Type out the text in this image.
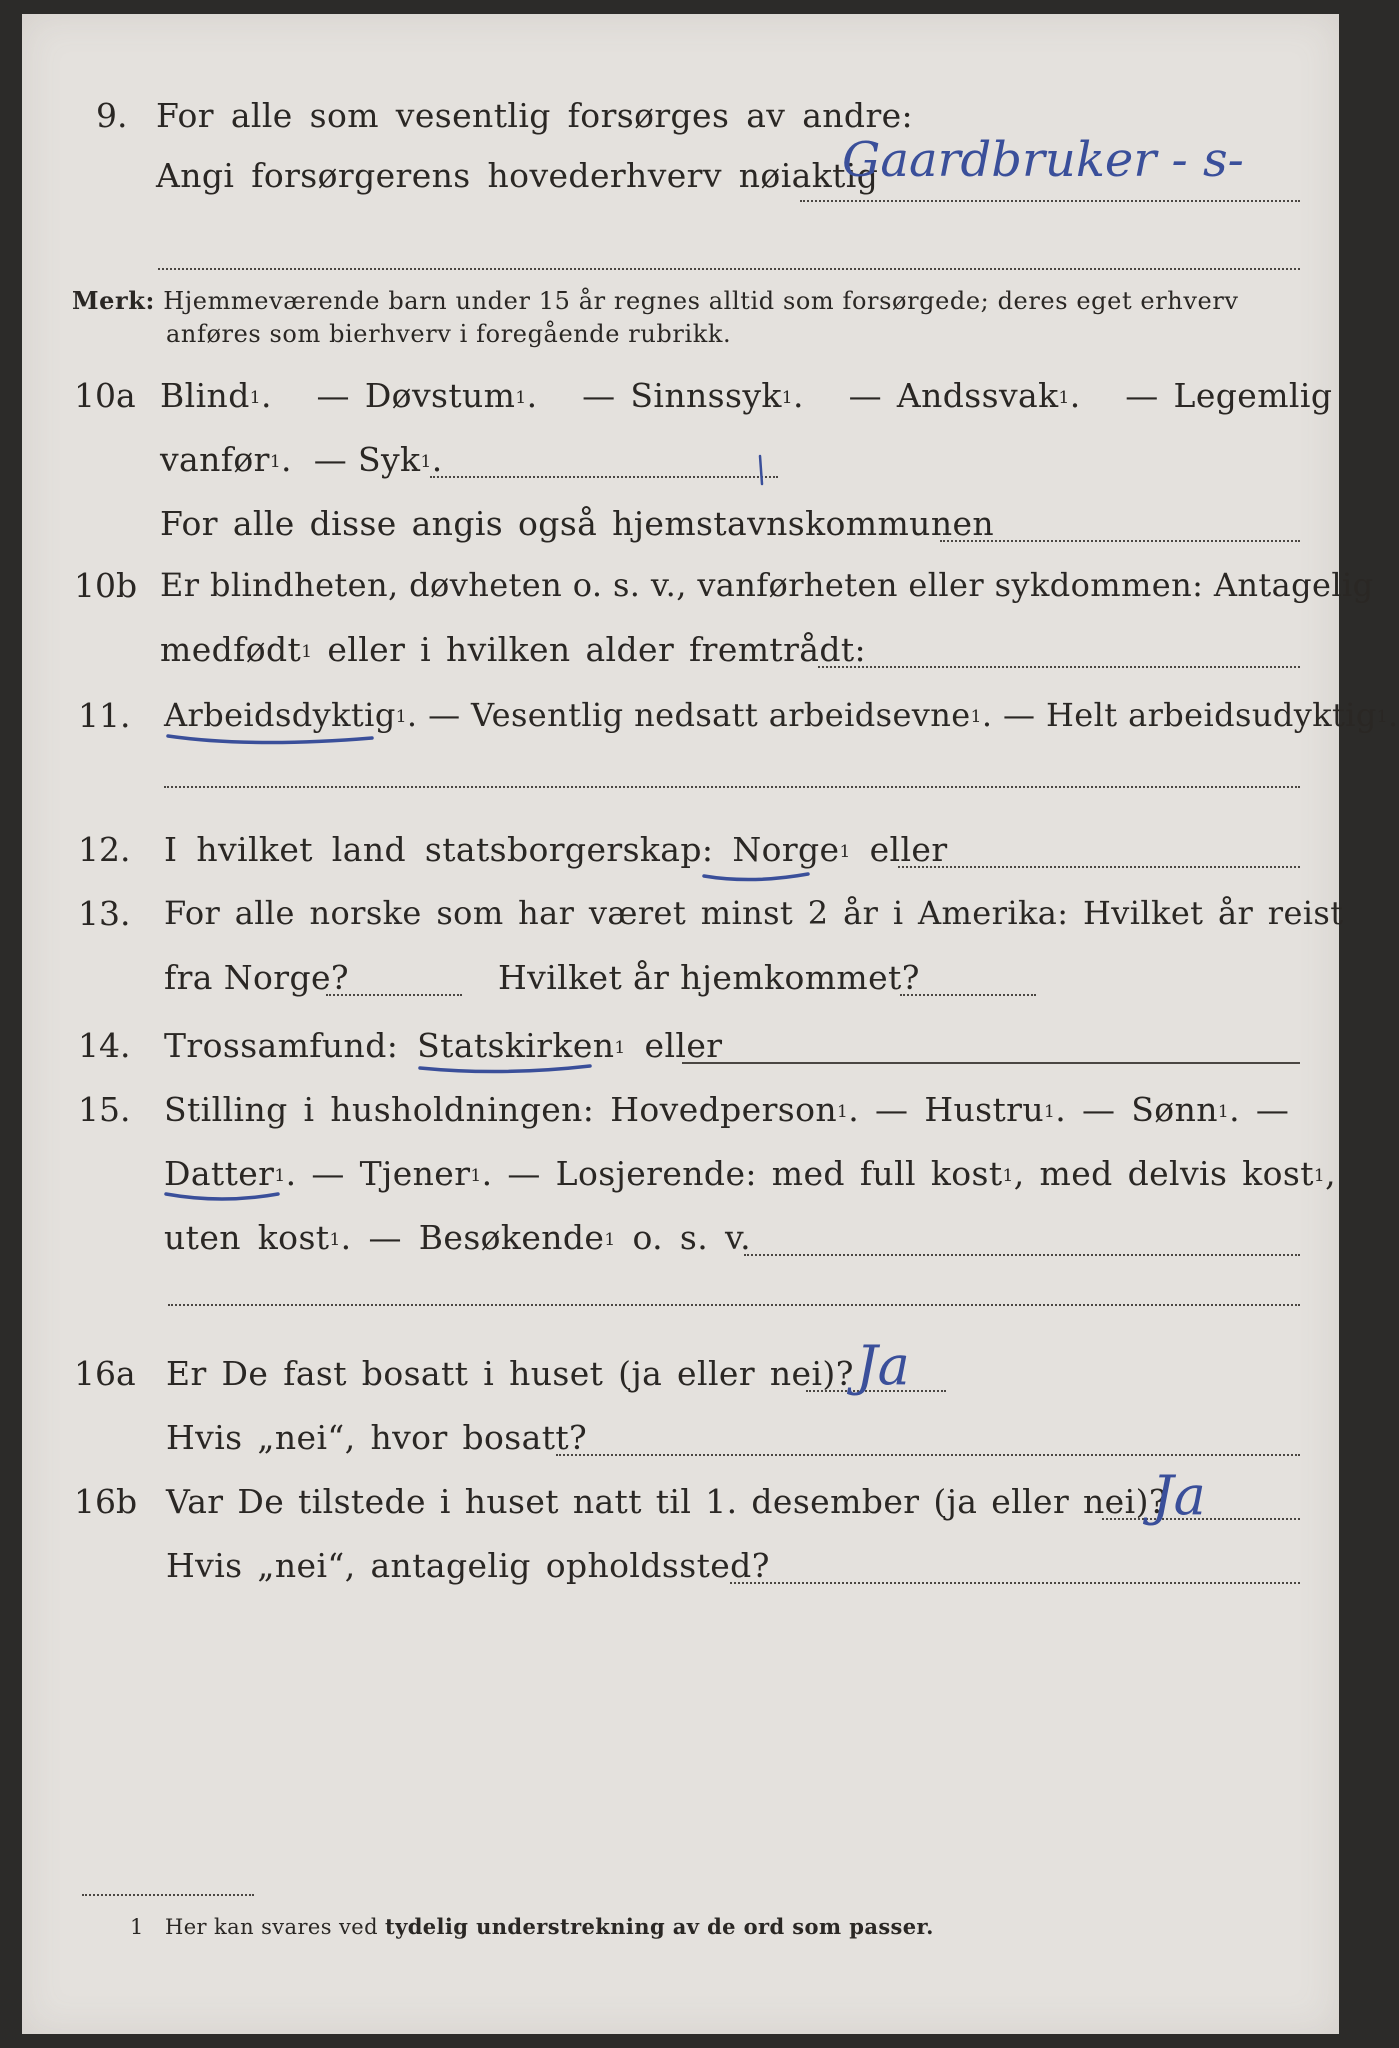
9. For alle som vesentlig forsørges av andre:
Angi forsørgerens hovederhverv nøiaktig
Gaardbruker - s-
Merk: Hjemmeværende barn under 15 år regnes alltid som forsørgede; deres eget erhverv
anføres som bierhverv i foregående rubrikk.
10a Blind$^1$.   — Døvstum$^1$.   — Sinnssyk$^1$.   — Andssvak$^1$.   — Legemlig
vanfør$^1$.  — Syk$^1$.
For alle disse angis også hjemstavnskommunen
10b Er blindheten, døvheten o. s. v., vanførheten eller sykdommen: Antagelig
medfødt$^1$ eller i hvilken alder fremtrådt:
11. Arbeidsdyktig$^1$. — Vesentlig nedsatt arbeidsevne$^1$. — Helt arbeidsudyktig$^1$.
12. I hvilket land statsborgerskap: Norge$^1$ eller
13. For alle norske som har været minst 2 år i Amerika: Hvilket år reist
fra Norge?	Hvilket år hjemkommet?
14. Trossamfund: Statskirken$^1$ eller
15. Stilling i husholdningen: Hovedperson$^1$. — Hustru$^1$. — Sønn$^1$. —
Datter$^1$. — Tjener$^1$. — Losjerende: med full kost$^1$, med delvis kost$^1$,
uten kost$^1$. — Besøkende$^1$ o. s. v.
16a Er De fast bosatt i huset (ja eller nei)? Ja
Hvis „nei“, hvor bosatt?
16b Var De tilstede i huset natt til 1. desember (ja eller nei)?
Ja
Hvis „nei“, antagelig opholdssted?
1 Her kan svares ved tydelig understrekning av de ord som passer.
